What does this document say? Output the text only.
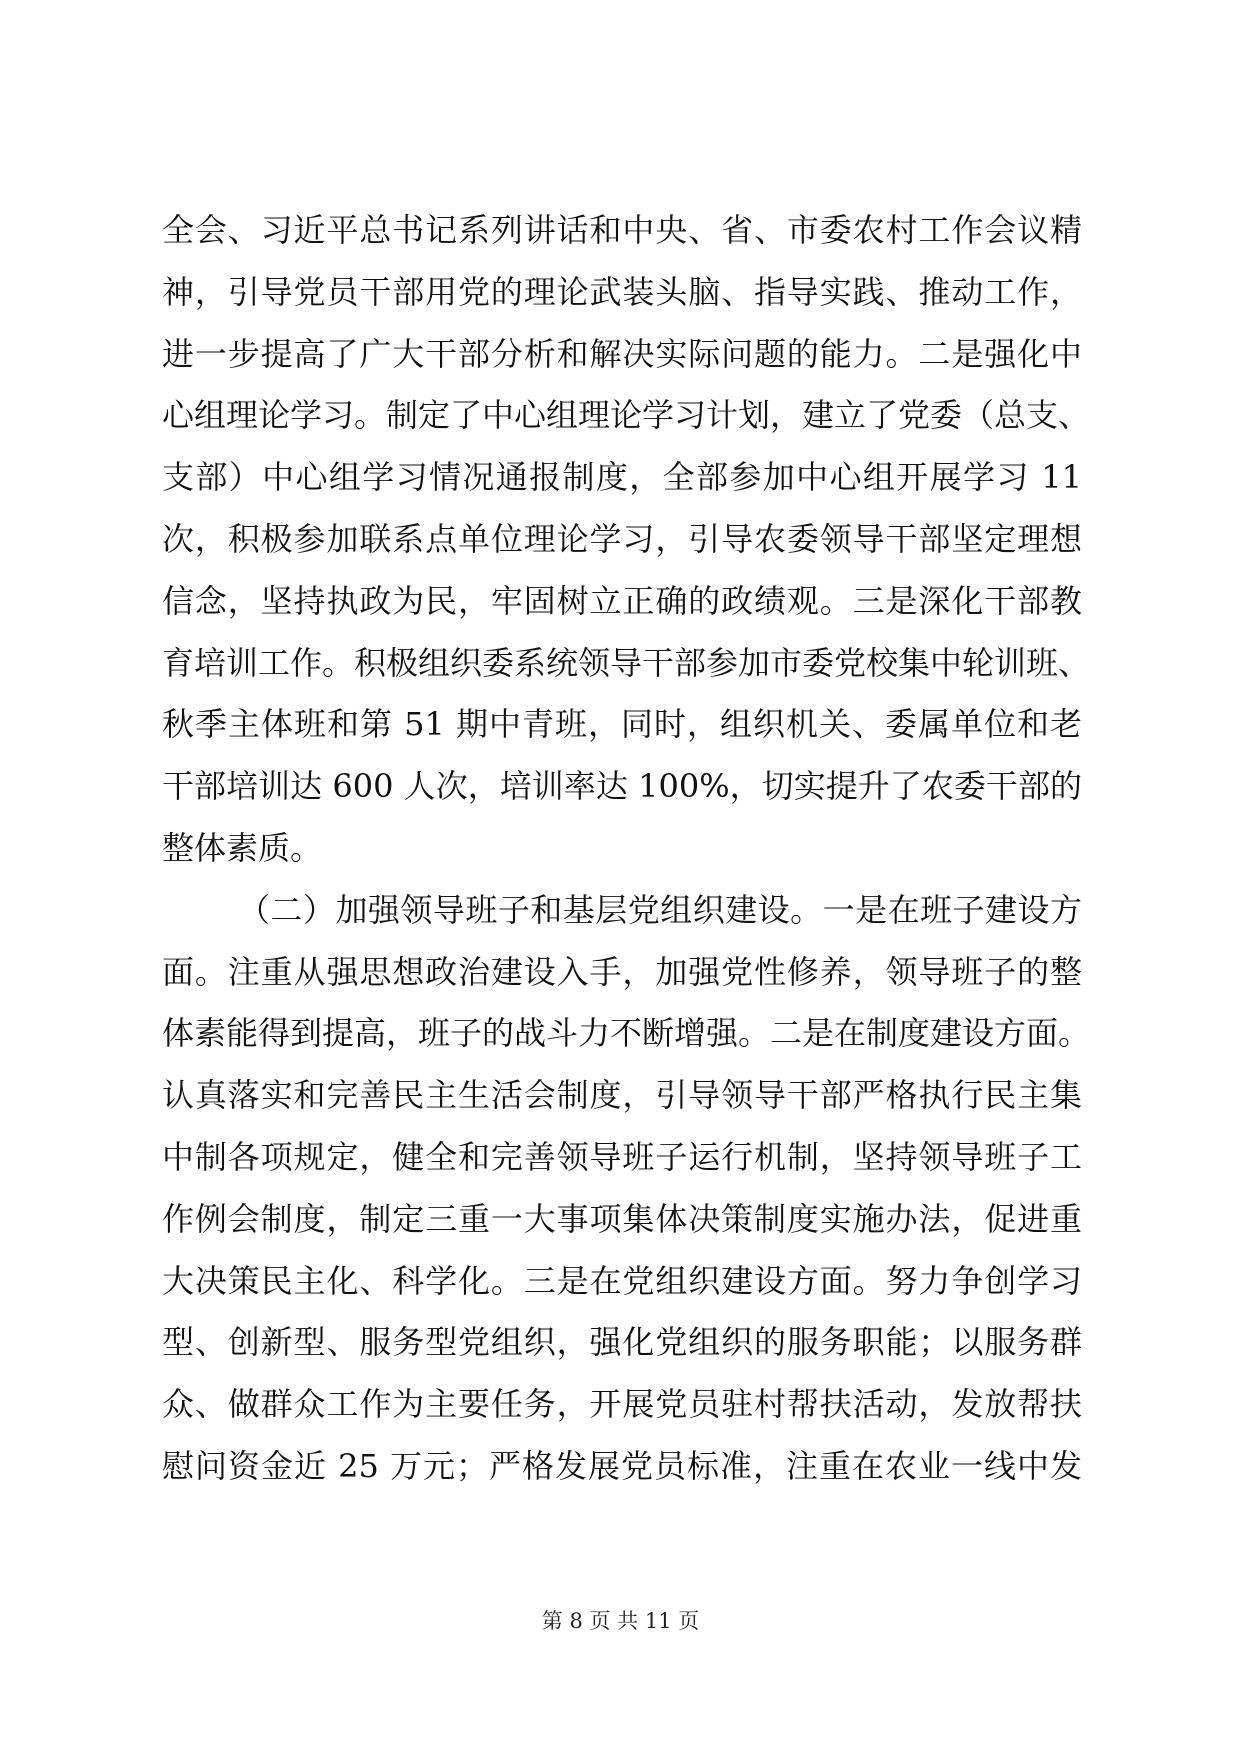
全会、习近平总书记系列讲话和中央、省、市委农村工作会议精
神，引导党员干部用党的理论武装头脑、指导实践、推动工作，
进一步提高了广大干部分析和解决实际问题的能力。二是强化中
心组理论学习。制定了中心组理论学习计划，建立了党委（总支、
支部）中心组学习情况通报制度，全部参加中心组开展学习 11
次，积极参加联系点单位理论学习，引导农委领导干部坚定理想
信念，坚持执政为民，牢固树立正确的政绩观。三是深化干部教
育培训工作。积极组织委系统领导干部参加市委党校集中轮训班、
秋季主体班和第 51 期中青班，同时，组织机关、委属单位和老
干部培训达 600 人次，培训率达 100%，切实提升了农委干部的
整体素质。
（二）加强领导班子和基层党组织建设。一是在班子建设方
面。注重从强思想政治建设入手，加强党性修养，领导班子的整
体素能得到提高，班子的战斗力不断增强。二是在制度建设方面。
认真落实和完善民主生活会制度，引导领导干部严格执行民主集
中制各项规定，健全和完善领导班子运行机制，坚持领导班子工
作例会制度，制定三重一大事项集体决策制度实施办法，促进重
大决策民主化、科学化。三是在党组织建设方面。努力争创学习
型、创新型、服务型党组织，强化党组织的服务职能；以服务群
众、做群众工作为主要任务，开展党员驻村帮扶活动，发放帮扶
慰问资金近 25 万元；严格发展党员标准，注重在农业一线中发
第 8 页 共 11 页
